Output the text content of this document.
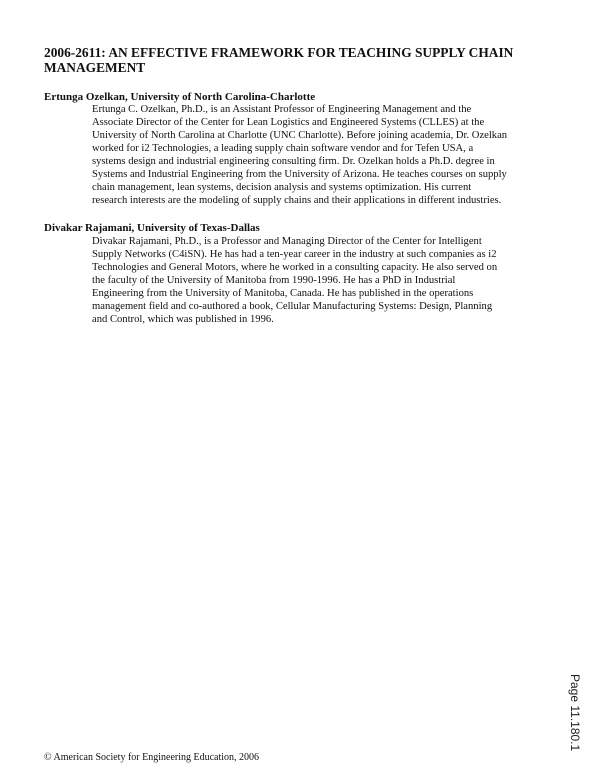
2006-2611: AN EFFECTIVE FRAMEWORK FOR TEACHING SUPPLY CHAIN
MANAGEMENT
Ertunga Ozelkan, University of North Carolina-Charlotte
Ertunga C. Ozelkan, Ph.D., is an Assistant Professor of Engineering Management and the
Associate Director of the Center for Lean Logistics and Engineered Systems (CLLES) at the
University of North Carolina at Charlotte (UNC Charlotte). Before joining academia, Dr. Ozelkan
worked for i2 Technologies, a leading supply chain software vendor and for Tefen USA, a
systems design and industrial engineering consulting firm. Dr. Ozelkan holds a Ph.D. degree in
Systems and Industrial Engineering from the University of Arizona. He teaches courses on supply
chain management, lean systems, decision analysis and systems optimization. His current
research interests are the modeling of supply chains and their applications in different industries.
Divakar Rajamani, University of Texas-Dallas
Divakar Rajamani, Ph.D., is a Professor and Managing Director of the Center for Intelligent
Supply Networks (C4iSN). He has had a ten-year career in the industry at such companies as i2
Technologies and General Motors, where he worked in a consulting capacity. He also served on
the faculty of the University of Manitoba from 1990-1996. He has a PhD in Industrial
Engineering from the University of Manitoba, Canada. He has published in the operations
management field and co-authored a book, Cellular Manufacturing Systems: Design, Planning
and Control, which was published in 1996.
Page 11.180.1
© American Society for Engineering Education, 2006
